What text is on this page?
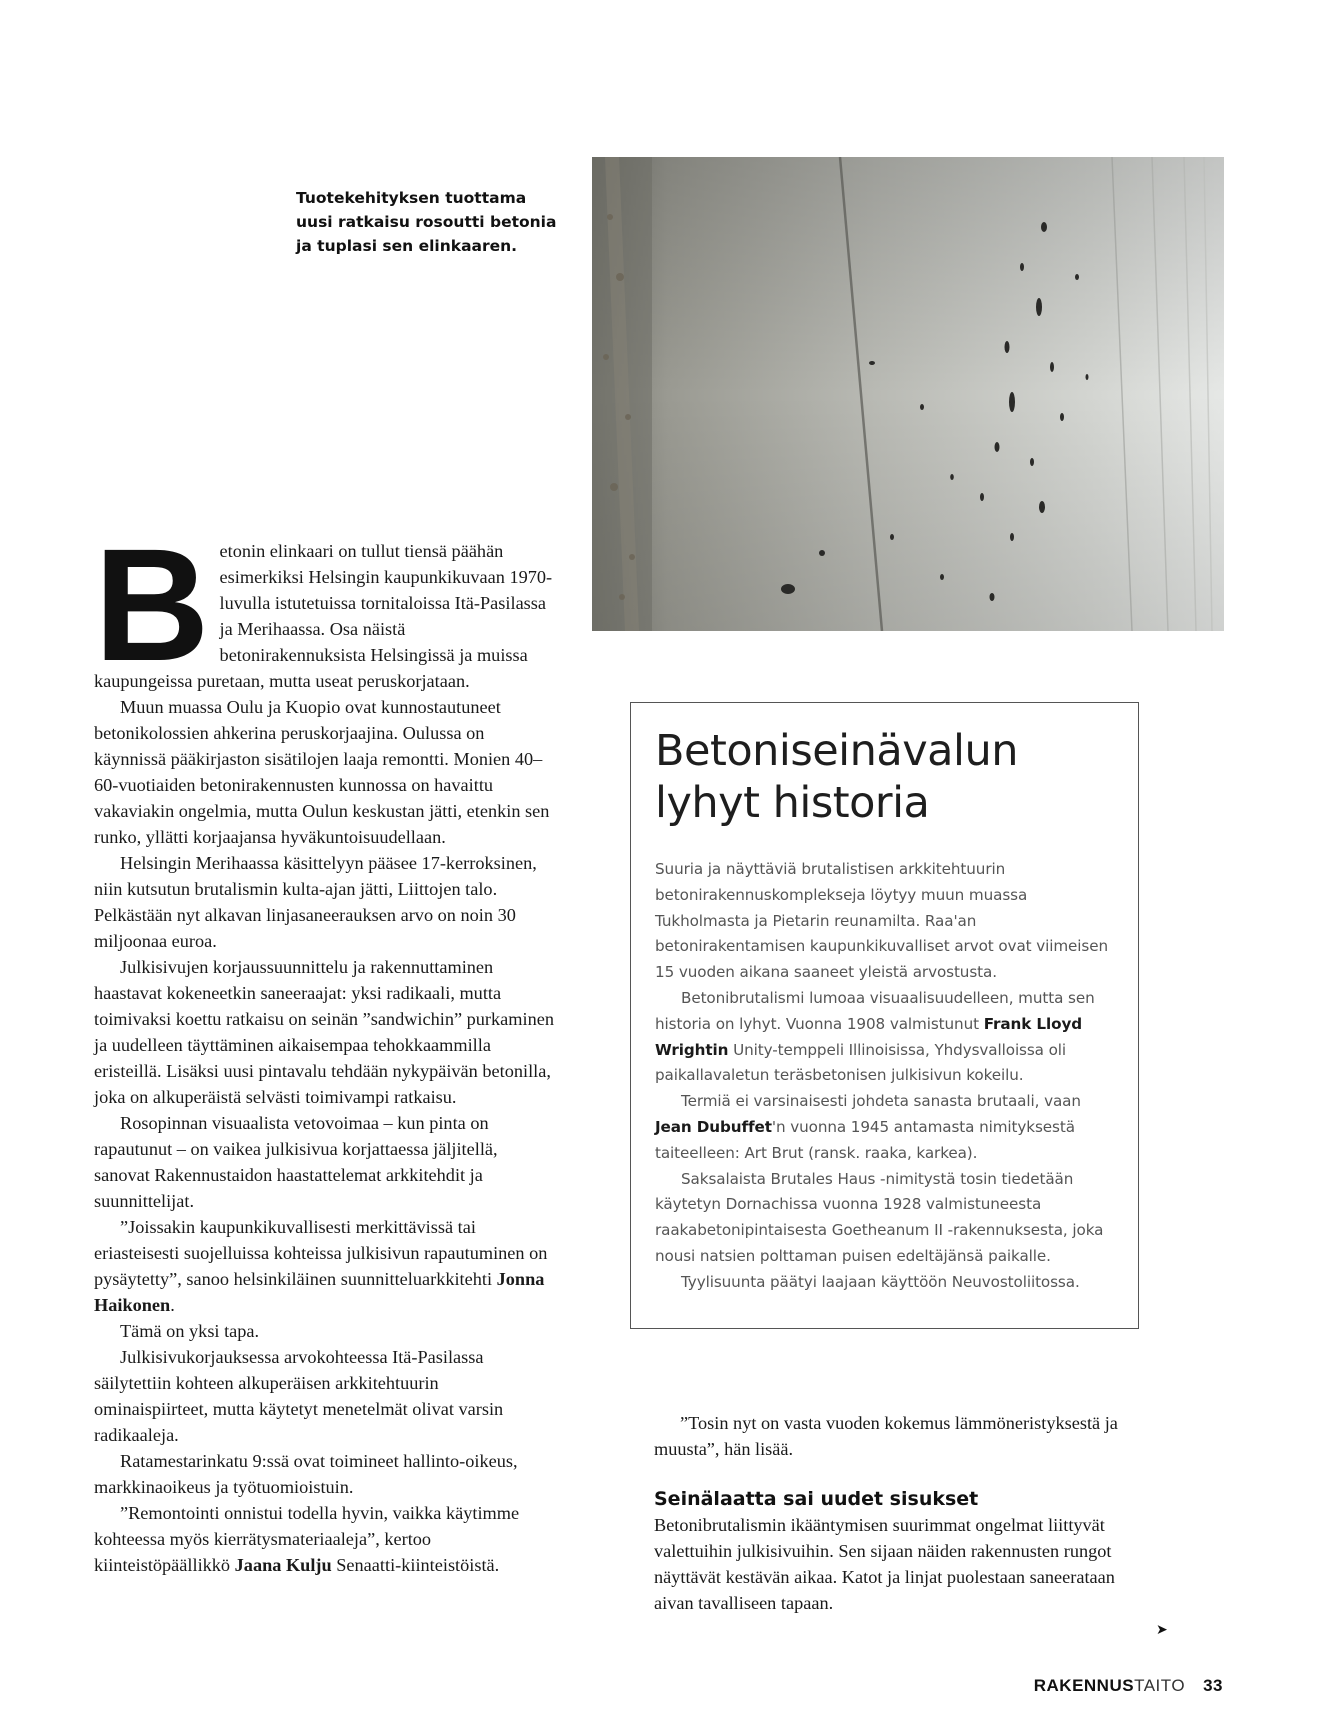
Tuotekehityksen tuottama uusi ratkaisu rosoutti betonia ja tuplasi sen elinkaaren.
B etonin elinkaari on tullut tiensä päähän esimerkiksi Helsingin kaupunkikuvaan 1970-luvulla istutetuissa tornitaloissa Itä-Pasilassa ja Merihaassa. Osa näistä betonirakennuksista Helsingissä ja muissa kaupungeissa puretaan, mutta useat peruskorjataan.

Muun muassa Oulu ja Kuopio ovat kunnostautuneet betonikolossien ahkerina peruskorjaajina. Oulussa on käynnissä pääkirjaston sisätilojen laaja remontti. Monien 40–60-vuotiaiden betonirakennusten kunnossa on havaittu vakaviakin ongelmia, mutta Oulun keskustan jätti, etenkin sen runko, yllätti korjaajansa hyväkuntoisuudellaan.

Helsingin Merihaassa käsittelyyn pääsee 17-kerroksinen, niin kutsutun brutalismin kulta-ajan jätti, Liittojen talo. Pelkästään nyt alkavan linjasaneerauksen arvo on noin 30 miljoonaa euroa.

Julkisivujen korjaussuunnittelu ja rakennuttaminen haastavat kokeneetkin saneeraajat: yksi radikaali, mutta toimivaksi koettu ratkaisu on seinän ”sandwichin” purkaminen ja uudelleen täyttäminen aikaisempaa tehokkaammilla eristeillä. Lisäksi uusi pintavalu tehdään nykypäivän betonilla, joka on alkuperäistä selvästi toimivampi ratkaisu.

Rosopinnan visuaalista vetovoimaa – kun pinta on rapautunut – on vaikea julkisivua korjattaessa jäljitellä, sanovat Rakennustaidon haastattelemat arkkitehdit ja suunnittelijat.

”Joissakin kaupunkikuvallisesti merkittävissä tai eriasteisesti suojelluissa kohteissa julkisivun rapautuminen on pysäytetty”, sanoo helsinkiläinen suunnitteluarkkitehti Jonna Haikonen.

Tämä on yksi tapa.

Julkisivukorjauksessa arvokohteessa Itä-Pasilassa säilytettiin kohteen alkuperäisen arkkitehtuurin ominaispiirteet, mutta käytetyt menetelmät olivat varsin radikaaleja.

Ratamestarinkatu 9:ssä ovat toimineet hallinto-oikeus, markkinaoikeus ja työtuomioistuin.

”Remontointi onnistui todella hyvin, vaikka käytimme kohteessa myös kierrätysmateriaaleja”, kertoo kiinteistöpäällikkö Jaana Kulju Senaatti-kiinteistöistä.

Betoniseinävalun
lyhyt historia

Suuria ja näyttäviä brutalistisen arkkitehtuurin betonirakennuskomplekseja löytyy muun muassa Tukholmasta ja Pietarin reunamilta. Raa'an betonirakentamisen kaupunkikuvalliset arvot ovat viimeisen 15 vuoden aikana saaneet yleistä arvostusta.

Betonibrutalismi lumoaa visuaalisuudelleen, mutta sen historia on lyhyt. Vuonna 1908 valmistunut Frank Lloyd Wrightin Unity-temppeli Illinoisissa, Yhdysvalloissa oli paikallavaletun teräsbetonisen julkisivun kokeilu.

Termiä ei varsinaisesti johdeta sanasta brutaali, vaan Jean Dubuffet'n vuonna 1945 antamasta nimityksestä taiteelleen: Art Brut (ransk. raaka, karkea).

Saksalaista Brutales Haus -nimitystä tosin tiedetään käytetyn Dornachissa vuonna 1928 valmistuneesta raakabetonipintaisesta Goetheanum II -rakennuksesta, joka nousi natsien polttaman puisen edeltäjänsä paikalle.

Tyylisuunta päätyi laajaan käyttöön Neuvostoliitossa.

”Tosin nyt on vasta vuoden kokemus lämmöneristyksestä ja muusta”, hän lisää.

Seinälaatta sai uudet sisukset

Betonibrutalismin ikääntymisen suurimmat ongelmat liittyvät valettuihin julkisivuihin. Sen sijaan näiden rakennusten rungot näyttävät kestävän aikaa. Katot ja linjat puolestaan saneerataan aivan tavalliseen tapaan.

➤
RAKENNUSTAITO 33
